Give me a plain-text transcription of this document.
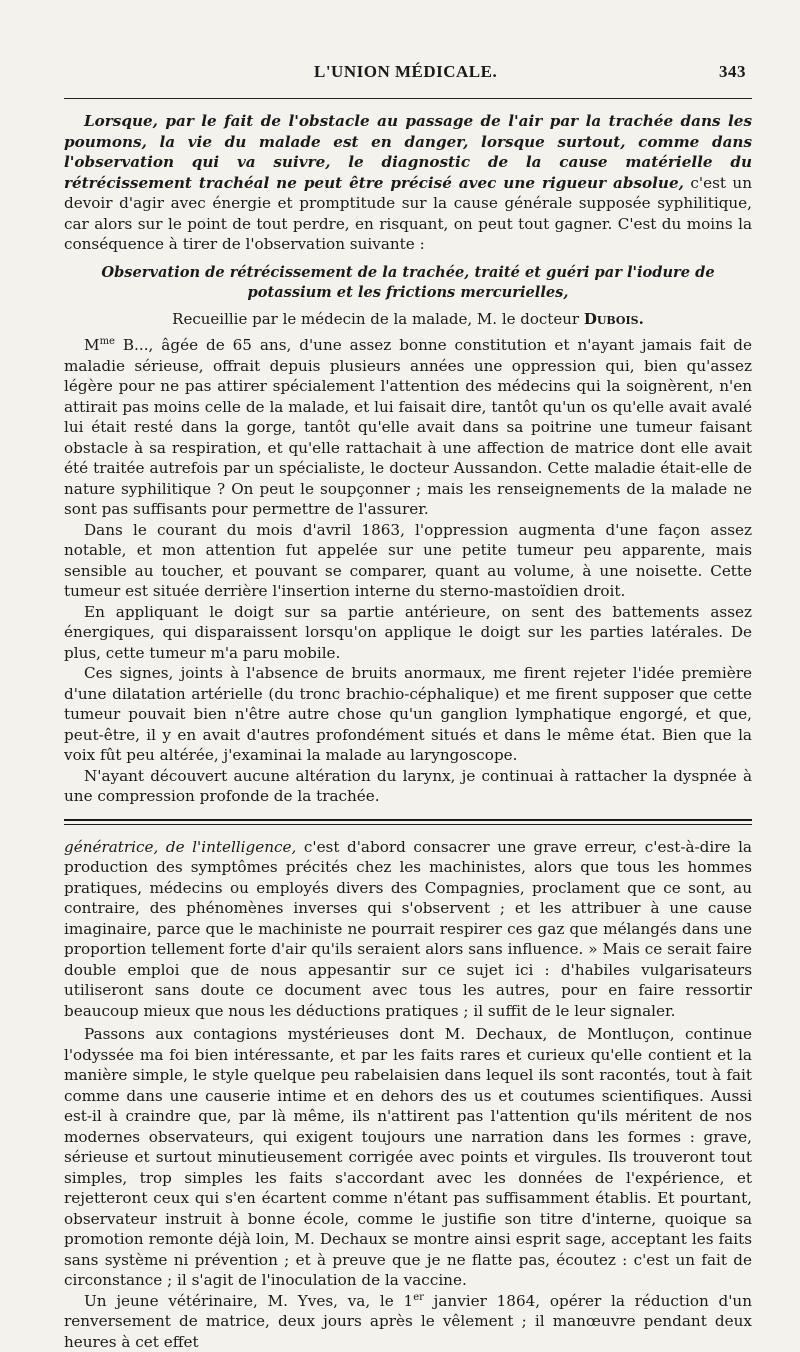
L'UNION MÉDICALE.	343

Lorsque, par le fait de l'obstacle au passage de l'air par la trachée dans les poumons, la vie du malade est en danger, lorsque surtout, comme dans l'observation qui va suivre, le diagnostic de la cause matérielle du rétrécissement trachéal ne peut être précisé avec une rigueur absolue, c'est un devoir d'agir avec énergie et promptitude sur la cause générale supposée syphilitique, car alors sur le point de tout perdre, en risquant, on peut tout gagner. C'est du moins la conséquence à tirer de l'observation suivante :

Observation de rétrécissement de la trachée, traité et guéri par l'iodure de potassium et les frictions mercurielles,

Recueillie par le médecin de la malade, M. le docteur Dubois.

$M^{me}$ B..., âgée de 65 ans, d'une assez bonne constitution et n'ayant jamais fait de maladie sérieuse, offrait depuis plusieurs années une oppression qui, bien qu'assez légère pour ne pas attirer spécialement l'attention des médecins qui la soignèrent, n'en attirait pas moins celle de la malade, et lui faisait dire, tantôt qu'un os qu'elle avait avalé lui était resté dans la gorge, tantôt qu'elle avait dans sa poitrine une tumeur faisant obstacle à sa respiration, et qu'elle rattachait à une affection de matrice dont elle avait été traitée autrefois par un spécialiste, le docteur Aussandon. Cette maladie était-elle de nature syphilitique ? On peut le soupçonner ; mais les renseignements de la malade ne sont pas suffisants pour permettre de l'assurer.

Dans le courant du mois d'avril 1863, l'oppression augmenta d'une façon assez notable, et mon attention fut appelée sur une petite tumeur peu apparente, mais sensible au toucher, et pouvant se comparer, quant au volume, à une noisette. Cette tumeur est située derrière l'insertion interne du sterno-mastoïdien droit.

En appliquant le doigt sur sa partie antérieure, on sent des battements assez énergiques, qui disparaissent lorsqu'on applique le doigt sur les parties latérales. De plus, cette tumeur m'a paru mobile.

Ces signes, joints à l'absence de bruits anormaux, me firent rejeter l'idée première d'une dilatation artérielle (du tronc brachio-céphalique) et me firent supposer que cette tumeur pouvait bien n'être autre chose qu'un ganglion lymphatique engorgé, et que, peut-être, il y en avait d'autres profondément situés et dans le même état. Bien que la voix fût peu altérée, j'examinai la malade au laryngoscope.

N'ayant découvert aucune altération du larynx, je continuai à rattacher la dyspnée à une compression profonde de la trachée.

génératrice, de l'intelligence, c'est d'abord consacrer une grave erreur, c'est-à-dire la production des symptômes précités chez les machinistes, alors que tous les hommes pratiques, médecins ou employés divers des Compagnies, proclament que ce sont, au contraire, des phénomènes inverses qui s'observent ; et les attribuer à une cause imaginaire, parce que le machiniste ne pourrait respirer ces gaz que mélangés dans une proportion tellement forte d'air qu'ils seraient alors sans influence. » Mais ce serait faire double emploi que de nous appesantir sur ce sujet ici : d'habiles vulgarisateurs utiliseront sans doute ce document avec tous les autres, pour en faire ressortir beaucoup mieux que nous les déductions pratiques ; il suffit de le leur signaler.

Passons aux contagions mystérieuses dont M. Dechaux, de Montluçon, continue l'odyssée ma foi bien intéressante, et par les faits rares et curieux qu'elle contient et la manière simple, le style quelque peu rabelaisien dans lequel ils sont racontés, tout à fait comme dans une causerie intime et en dehors des us et coutumes scientifiques. Aussi est-il à craindre que, par là même, ils n'attirent pas l'attention qu'ils méritent de nos modernes observateurs, qui exigent toujours une narration dans les formes : grave, sérieuse et surtout minutieusement corrigée avec points et virgules. Ils trouveront tout simples, trop simples les faits s'accordant avec les données de l'expérience, et rejetteront ceux qui s'en écartent comme n'étant pas suffisamment établis. Et pourtant, observateur instruit à bonne école, comme le justifie son titre d'interne, quoique sa promotion remonte déjà loin, M. Dechaux se montre ainsi esprit sage, acceptant les faits sans système ni prévention ; et à preuve que je ne flatte pas, écoutez : c'est un fait de circonstance ; il s'agit de l'inoculation de la vaccine.

Un jeune vétérinaire, M. Yves, va, le 1er janvier 1864, opérer la réduction d'un renversement de matrice, deux jours après le vêlement ; il manœuvre pendant deux heures à cet effet
